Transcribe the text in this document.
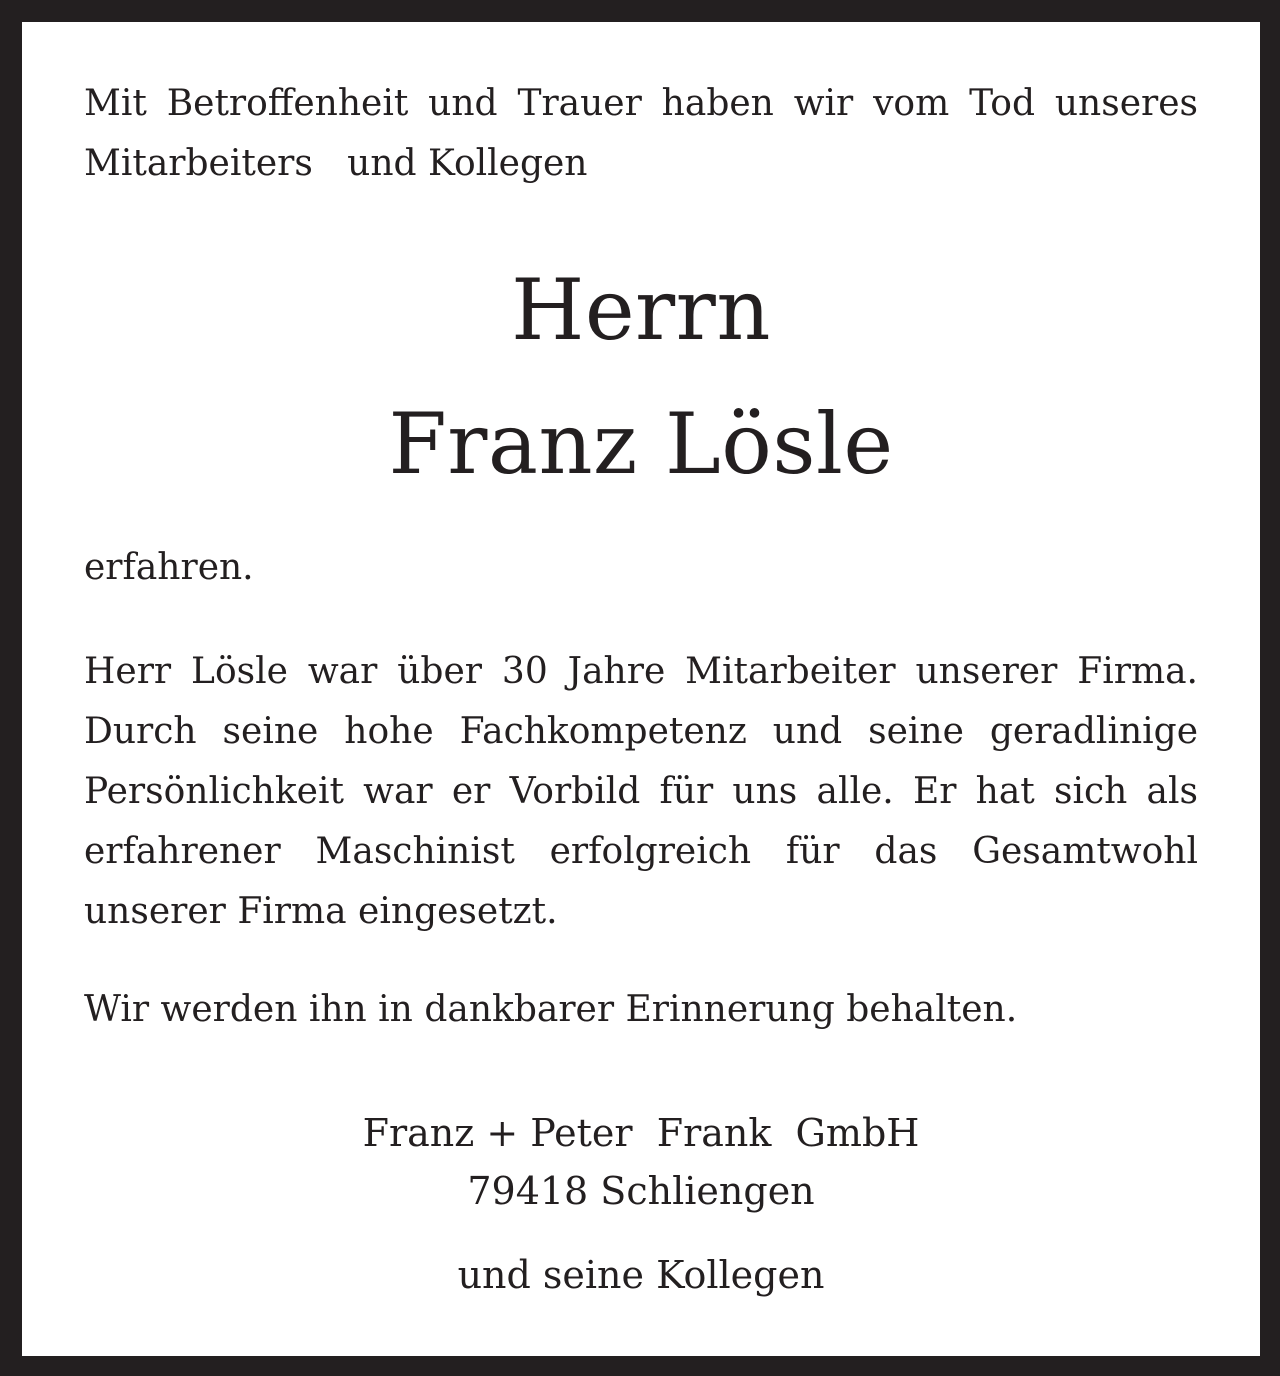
Mit Betroffenheit und Trauer haben wir vom Tod unseres Mitarbeiters   und Kollegen

Herrn
Franz Lösle

erfahren.

Herr Lösle war über 30 Jahre Mitarbeiter unserer Firma. Durch seine hohe Fachkompetenz und seine geradlinige Persönlichkeit war er Vorbild für uns alle. Er hat sich als erfahrener Maschinist erfolgreich für das Gesamtwohl unserer Firma eingesetzt.

Wir werden ihn in dankbarer Erinnerung behalten.

Franz + Peter  Frank  GmbH
79418 Schliengen
und seine Kollegen
